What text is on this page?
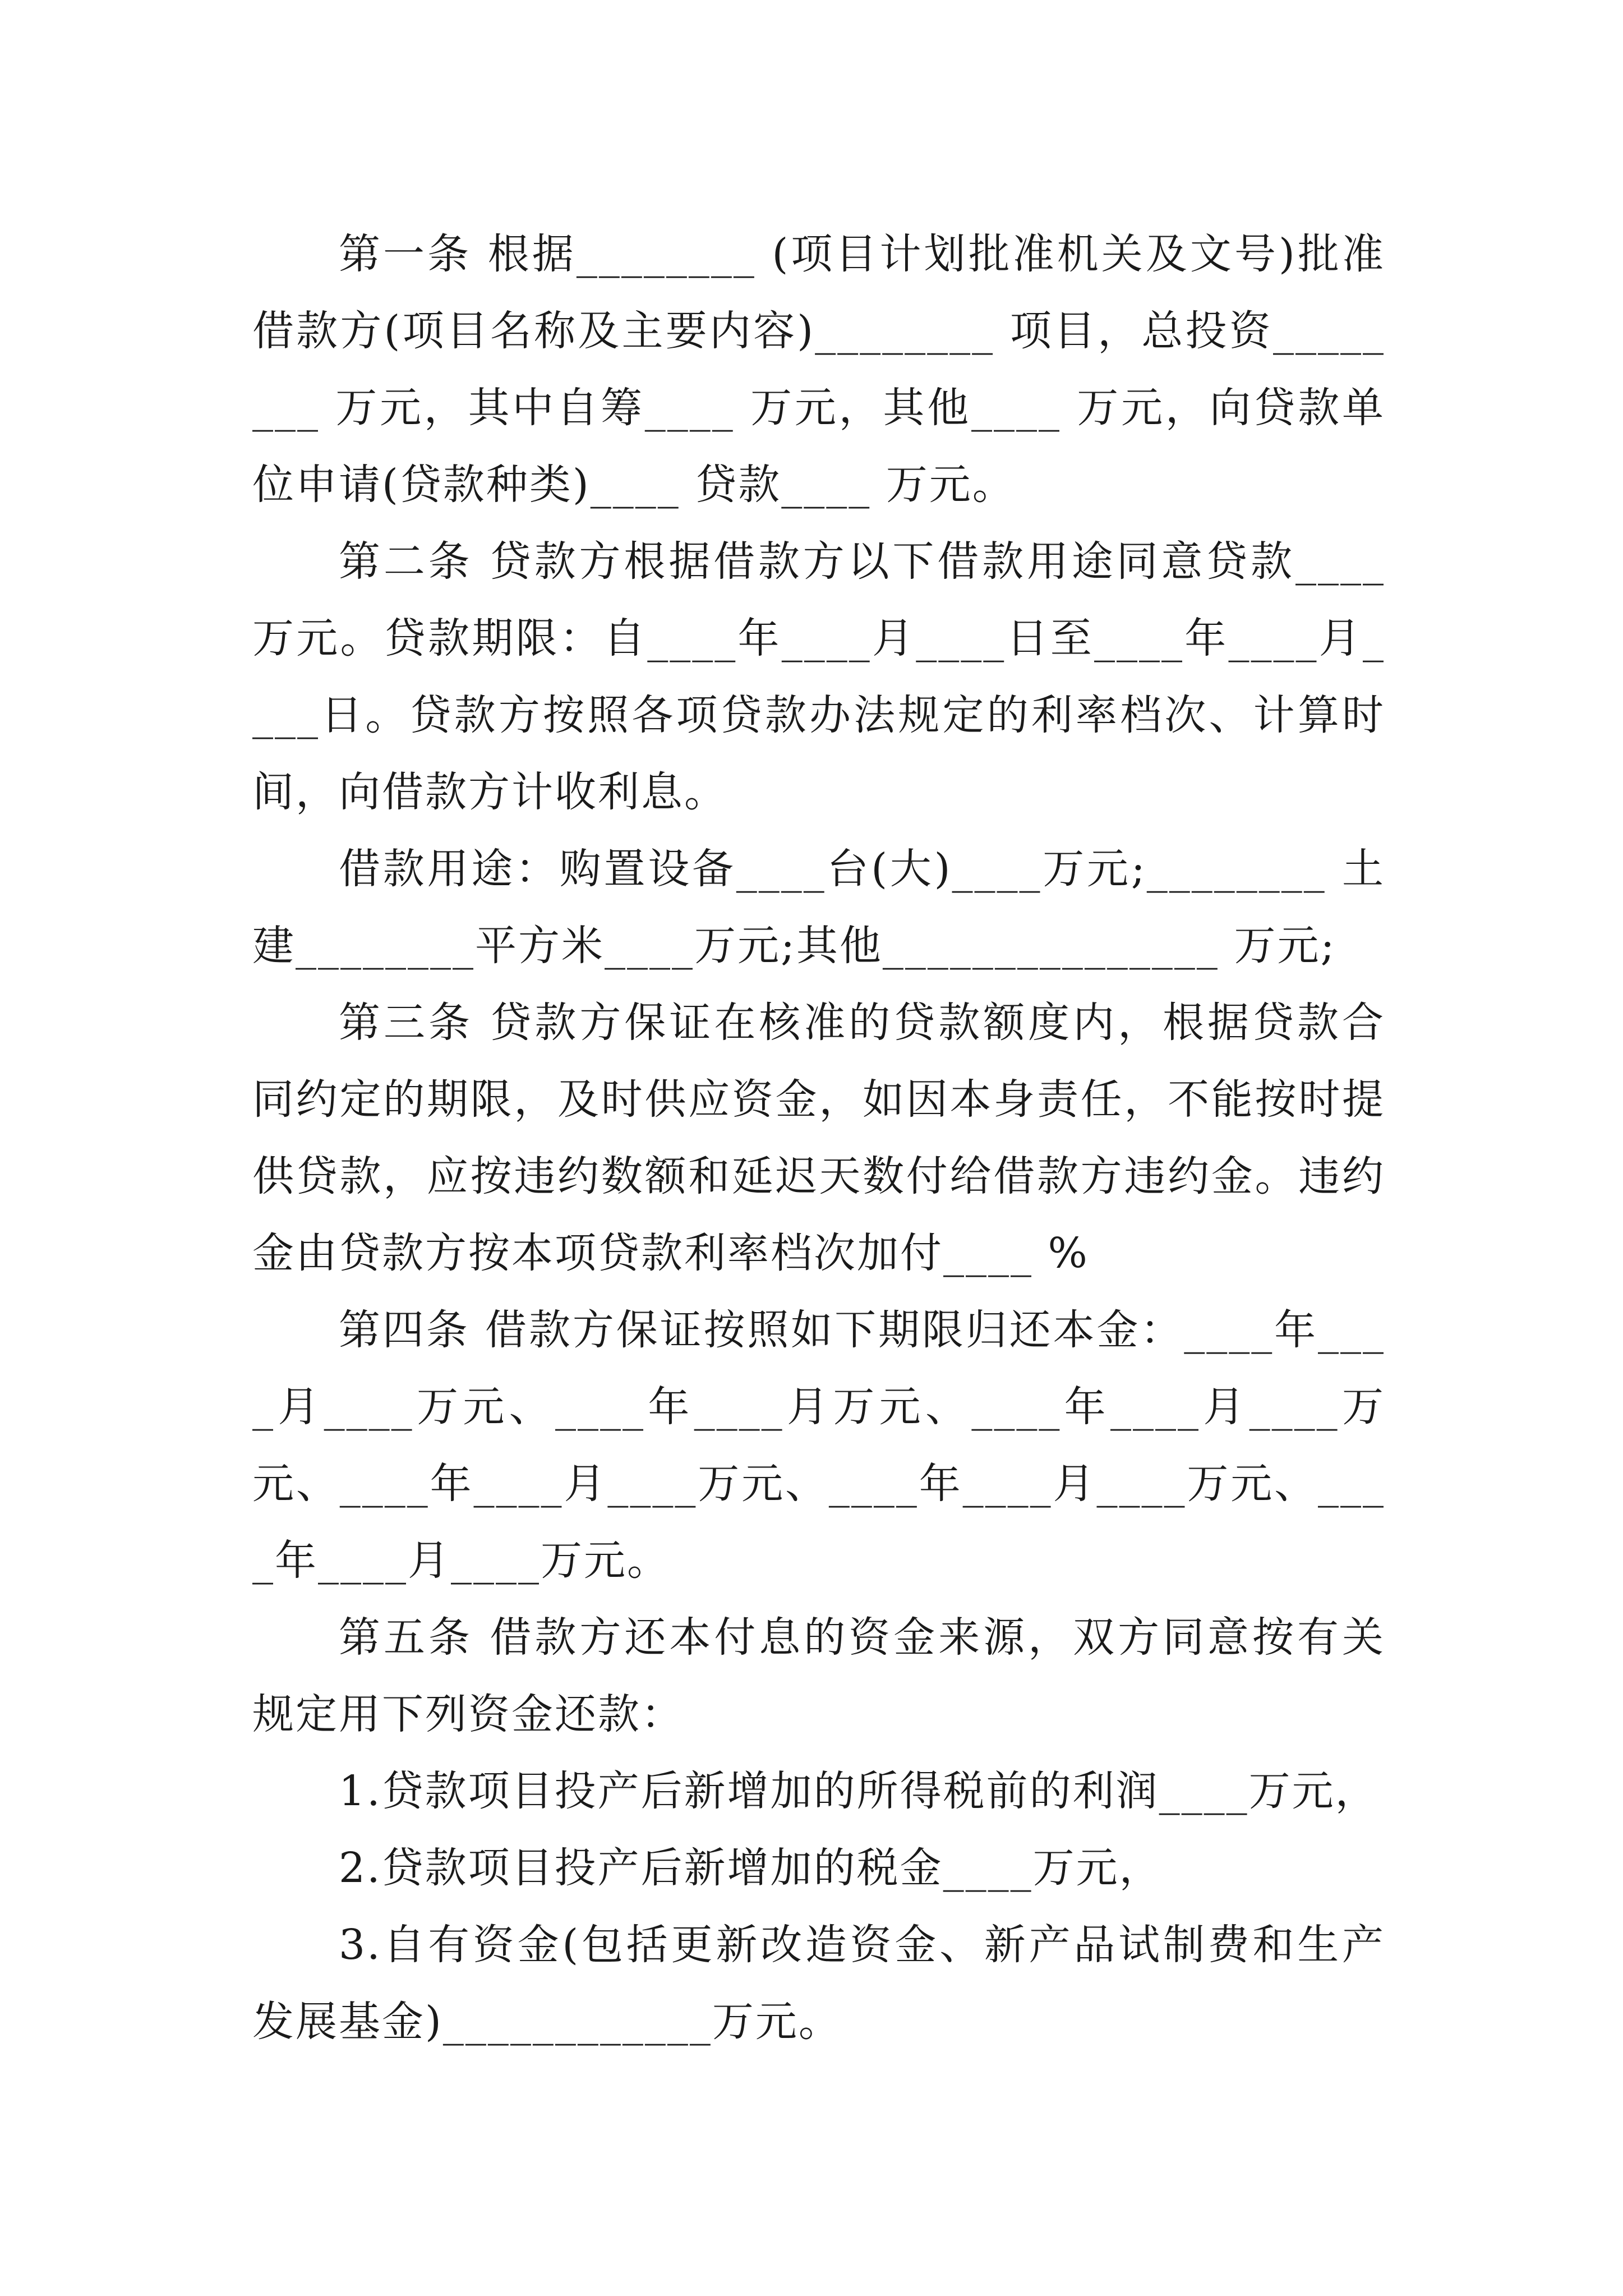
第一条 根据________ (项目计划批准机关及文号)批准借款方(项目名称及主要内容)________ 项目，总投资________ 万元，其中自筹____ 万元，其他____ 万元，向贷款单位申请(贷款种类)____ 贷款____ 万元。

第二条 贷款方根据借款方以下借款用途同意贷款____万元。贷款期限：自____年____月____日至____年____月____日。贷款方按照各项贷款办法规定的利率档次、计算时间，向借款方计收利息。

借款用途：购置设备____台(大)____万元;________ 土建________平方米____万元;其他_______________ 万元;

第三条 贷款方保证在核准的贷款额度内，根据贷款合同约定的期限，及时供应资金，如因本身责任，不能按时提供贷款，应按违约数额和延迟天数付给借款方违约金。违约金由贷款方按本项贷款利率档次加付____ %

第四条 借款方保证按照如下期限归还本金：____年____月____万元、____年____月万元、____年____月____万元、____年____月____万元、____年____月____万元、____年____月____万元。

第五条 借款方还本付息的资金来源，双方同意按有关规定用下列资金还款：

1.贷款项目投产后新增加的所得税前的利润____万元，

2.贷款项目投产后新增加的税金____万元，

3.自有资金(包括更新改造资金、新产品试制费和生产发展基金)____________万元。
